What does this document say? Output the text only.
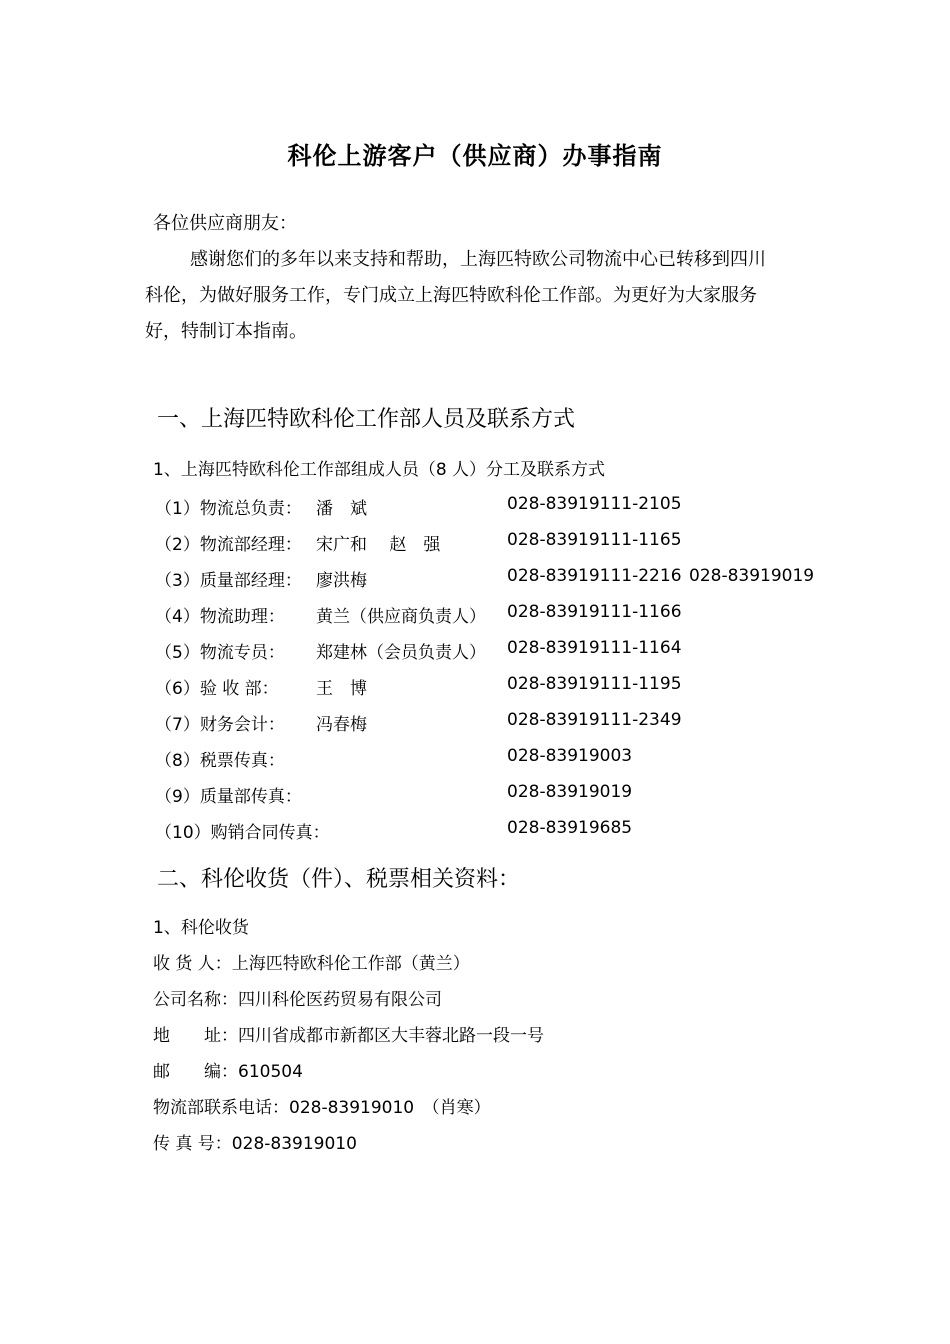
科伦上游客户（供应商）办事指南
各位供应商朋友：
感谢您们的多年以来支持和帮助，上海匹特欧公司物流中心已转移到四川
科伦，为做好服务工作，专门成立上海匹特欧科伦工作部。为更好为大家服务
好，特制订本指南。
一、上海匹特欧科伦工作部人员及联系方式
1、上海匹特欧科伦工作部组成人员（8 人）分工及联系方式
（1）物流总负责： 潘　斌	028-83919111-2105
（2）物流部经理： 宋广和　 赵　强	028-83919111-1165
（3）质量部经理： 廖洪梅	028-83919111-2216 028-83919019
（4）物流助理： 黄兰（供应商负责人） 028-83919111-1166
（5）物流专员： 郑建林（会员负责人） 028-83919111-1164
（6）验 收 部： 王　博	028-83919111-1195
（7）财务会计： 冯春梅	028-83919111-2349
（8）税票传真：	028-83919003
（9）质量部传真：	028-83919019
（10）购销合同传真：	028-83919685
二、科伦收货（件）、税票相关资料：
1、科伦收货
收 货 人：上海匹特欧科伦工作部（黄兰）
公司名称：四川科伦医药贸易有限公司
地　　址：四川省成都市新都区大丰蓉北路一段一号
邮　　编：610504
物流部联系电话：028-83919010　（肖寒）
传 真 号：028-83919010
